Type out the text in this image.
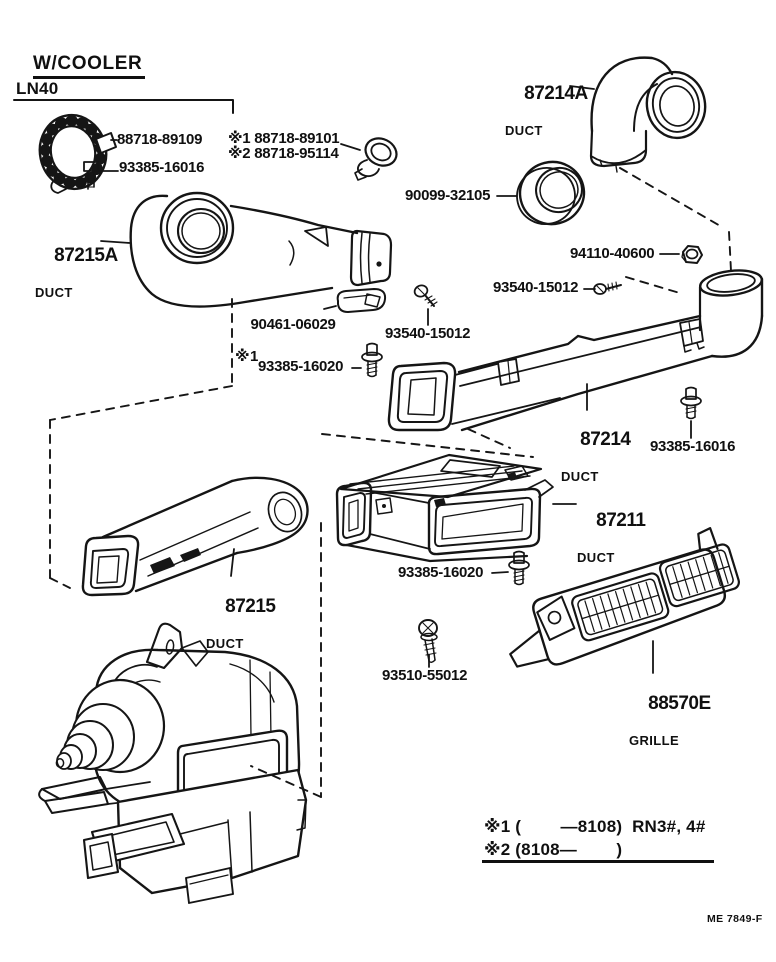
W/COOLER
LN40
88718-89109
93385-16016
※1 88718-89101
※2 88718-95114

87214A

DUCT

90099-32105
94110-40600
93540-15012

87215A

DUCT

90461-06029

※1

93540-15012
93385-16020

87214

DUCT

93385-16016

87211

DUCT

87215

DUCT

93385-16020
93510-55012

88570E

GRILLE

※1 (        —8108)  RN3#, 4#
※2 (8108—        )
ME 7849-F
